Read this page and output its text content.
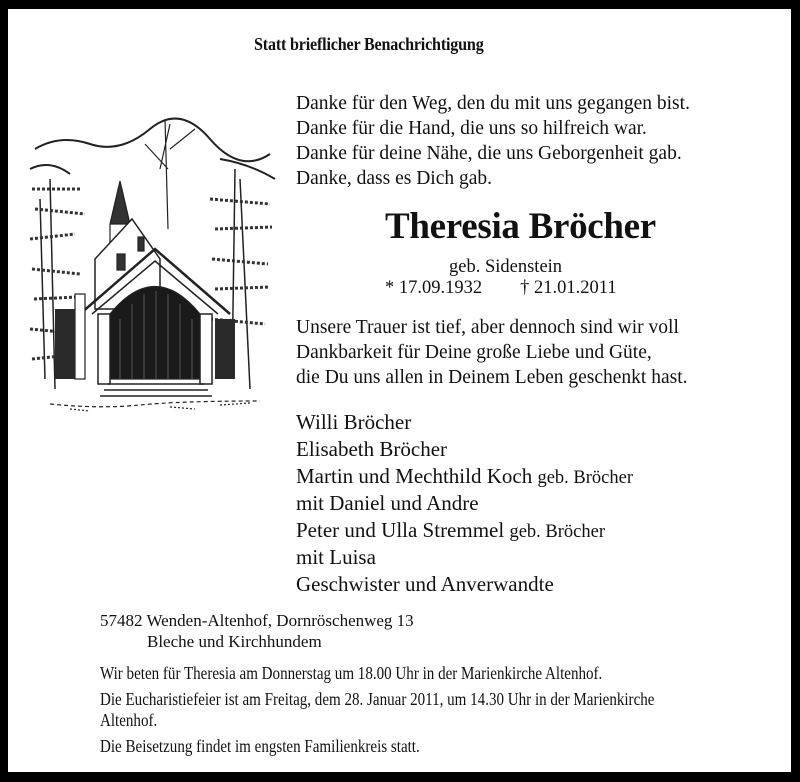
Statt brieflicher Benachrichtigung
Danke für den Weg, den du mit uns gegangen bist.
Danke für die Hand, die uns so hilfreich war.
Danke für deine Nähe, die uns Geborgenheit gab.
Danke, dass es Dich gab.
Theresia Bröcher
geb. Sidenstein
* 17.09.1932 † 21.01.2011
Unsere Trauer ist tief, aber dennoch sind wir voll
Dankbarkeit für Deine große Liebe und Güte,
die Du uns allen in Deinem Leben geschenkt hast.
Willi Bröcher
Elisabeth Bröcher
Martin und Mechthild Koch geb. Bröcher
mit Daniel und Andre
Peter und Ulla Stremmel geb. Bröcher
mit Luisa
Geschwister und Anverwandte
57482 Wenden-Altenhof, Dornröschenweg 13
Bleche und Kirchhundem

Wir beten für Theresia am Donnerstag um 18.00 Uhr in der Marienkirche Altenhof.

Die Eucharistiefeier ist am Freitag, dem 28. Januar 2011, um 14.30 Uhr in der Marienkirche Altenhof.

Die Beisetzung findet im engsten Familienkreis statt.
